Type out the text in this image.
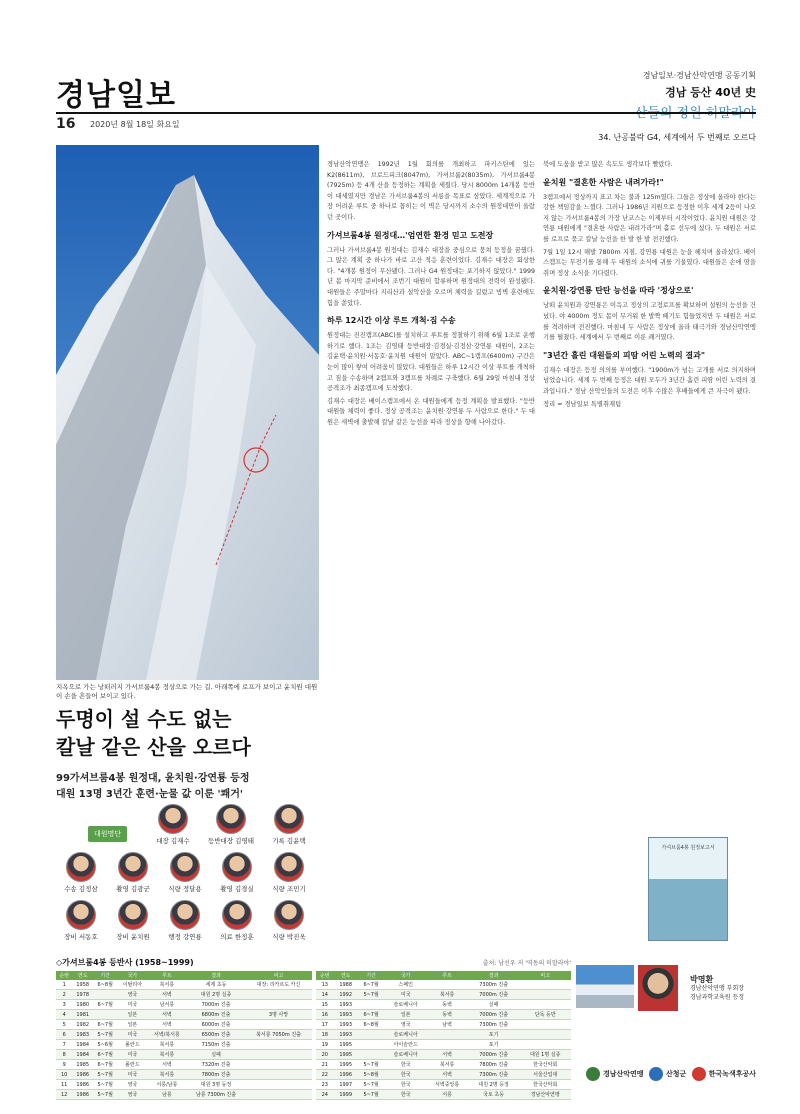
경남일보
경남일보·경남산악연맹 공동기획
경남 등산 40년 史
산들의 정원 히말라야
16 2020년 8월 18일 화요일
34. 난공불락 G4, 세계에서 두 번째로 오르다
지옥으로 가는 낭떠러지 가셔브룸4봉 정상으로 가는 길. 아래쪽에 로프가 보이고 윤치원 대원이 손을 흔들어 보이고 있다.
두명이 설 수도 없는
칼날 같은 산을 오르다
99가셔브룸4봉 원정대, 윤치원·강연룡 등정
대원 13명 3년간 훈련·눈물 값 이룬 '쾌거'
대원명단
대장 김재수	등반대장 김영태	기록 김윤택
수송 김정삼	촬영 김광군	식량 정달용	촬영 김경실	식량 조민기
장비 서동호	장비 윤치원	행정 강연룡	의료 한정훈	식량 박진욱

경남산악연맹은 1992년 1월 회의를 개최하고 파키스탄에 있는 K2(8611m), 브로드피크(8047m), 가셔브룸2(8035m), 가셔브룸4봉(7925m) 등 4개 산을 등정하는 계획을 세웠다. 당시 8000m 14개봉 등반이 대세였지만 경남은 가셔브룸4봉의 서릉을 목표로 삼았다. 세계적으로 가장 어려운 루트 중 하나로 꼽히는 이 벽은 당시까지 소수의 원정대만이 올랐던 곳이다.

가셔브룸4봉 원정대…'엄연한 환경 믿고 도전장

그러나 가셔브룸4봉 원정대는 김재수 대장을 중심으로 뭉쳐 등정을 꿈꿨다. 그 많은 계획 중 하나가 바로 고산 적응 훈련이었다. 김재수 대장은 회상한다. "4개봉 원정이 무산됐다. 그러나 G4 원정대는 포기하지 않았다." 1999년 봄 마지막 준비에서 조번기 대원이 합류하며 원정대의 전력이 완성됐다. 대원들은 주말마다 지리산과 설악산을 오르며 체력을 길렀고 빙벽 훈련에도 힘을 쏟았다.

하루 12시간 이상 루트 개척·짐 수송

원정대는 진진캠프(ABC)를 설치하고 루트를 정찰하기 위해 6월 1조로 운행하기로 했다. 1조는 김영태 등반대장·김경실·김정삼·강연룡 대원이, 2조는 김윤택·윤치원·서동호·윤치원 대원이 맡았다. ABC~1캠프(6400m) 구간은 눈이 많이 쌓여 어려움이 많았다. 대원들은 하루 12시간 이상 루트를 개척하고 짐을 수송하며 2캠프와 3캠프를 차례로 구축했다. 6월 29일 마침내 정상 공격조가 최종캠프에 도착했다.

김재수 대장은 베이스캠프에서 온 대원들에게 등정 계획을 발표했다. "등반대원들 체력이 좋다. 정상 공격조는 윤치원·강연룡 두 사람으로 한다." 두 대원은 새벽에 출발해 칼날 같은 능선을 따라 정상을 향해 나아갔다.

북에 도움을 받고 많은 속도도 생각보다 빨랐다.

윤치원 "결혼한 사람은 내려가라!"

3캠프에서 정상까지 표고 차는 불과 125m였다. 그들은 정상에 올라야 한다는 강한 책임감을 느꼈다. 그러나 1986년 지원으로 등정한 이후 세계 2등이 나오지 않는 가셔브룸4봉의 가장 난코스는 이제부터 시작이었다. 윤치원 대원은 강연룡 대원에게 "결혼한 사람은 내려가라"며 홀로 선두에 섰다. 두 대원은 서로를 로프로 묶고 칼날 능선을 한 발 한 발 전진했다.

7월 1일 12시 해발 7800m 지점, 강연룡 대원은 눈을 헤치며 올라섰다. 베이스캠프는 무전기를 통해 두 대원의 소식에 귀를 기울였다. 대원들은 손에 땀을 쥐며 정상 소식을 기다렸다.

윤치원·강연룡 탄탄 능선을 따라 '정상으로'

낭떠 윤치원과 강연룡은 이윽고 정상의 고정로프를 확보하며 설원의 능선을 건넜다. 야 4000m 정도 몸이 무거워 한 발짝 떼기도 힘들었지만 두 대원은 서로를 격려하며 전진했다. 마침내 두 사람은 정상에 올라 태극기와 경남산악연맹기를 펼쳤다. 세계에서 두 번째로 이룬 쾌거였다.

"3년간 흘린 대원들의 피땀 어린 노력의 결과"

김재수 대장은 등정 의의를 부여했다. "1900m가 넘는 고개를 서로 의지하며 넘었습니다. 세계 두 번째 등정은 대원 모두가 3년간 흘린 피땀 어린 노력의 결과입니다." 경남 산악인들의 도전은 이후 수많은 후배들에게 큰 자극이 됐다.

정리 = 경남일보 특별취재팀

가셔브룸4봉 원정보고서
◇가셔브룸4봉 등반사 (1958~1999)	출처: 남선우 저 '역동의 히말라야'
순번	연도	기간	국가	루트	결과	비고
1	1958	6~8월	이탈리아	북서릉	세계 초등	대장: 리카르도 카신
2	1978		영국	서벽	대원 2명 실종	
3	1980	6~7월	미국	남서릉	7000m 진출	
4	1981		일본	서벽	6800m 진출	3명 사망
5	1982	6~7월	일본	서벽	6000m 진출	
6	1983	5~7월	미국	서벽/북서릉	6500m 진출	북서릉 7050m 진출
7	1984	5~6월	폴란드	북서릉	7150m 진출	
8	1984	6~7월	미국	북서릉	실패	
9	1985	6~7월	폴란드	서벽	7320m 진출	
10	1986	5~7월	미국	북서릉	7800m 진출	
11	1986	5~7월	영국	서릉/남릉	대원 3명 등정	
12	1986	5~7월	영국	남릉	남릉 7300m 진출	
순번	연도	기간	국가	루트	결과	비고
13	1988	6~7월	스페인		7300m 진출	
14	1992	5~7월	미국	북서릉	7000m 진출	
15	1993		슬로베니아	동벽	실패	
16	1993	6~7월	일본	동벽	7000m 진출	단독 등반
17	1993	6~8월	영국	남벽	7300m 진출	
18	1993		슬로베니아		포기	
19	1995		아이슬란드		포기	
20	1995		슬로베니아	서벽	7000m 진출	대원 1명 실종
21	1995	5~7월	한국	북서릉	7800m 진출	한국산악회
22	1996	5~8월	한국	서벽	7300m 진출	서울산업대
23	1997	5~7월	한국	서벽중앙릉	대원 2명 등정	한국산악회
24	1999	5~7월	한국	서릉	국토 초등	경남산악연맹
박명환
경남산악연맹 부회장
경남과학교육원 등정
경남산악연맹	산청군	한국녹색후공사
